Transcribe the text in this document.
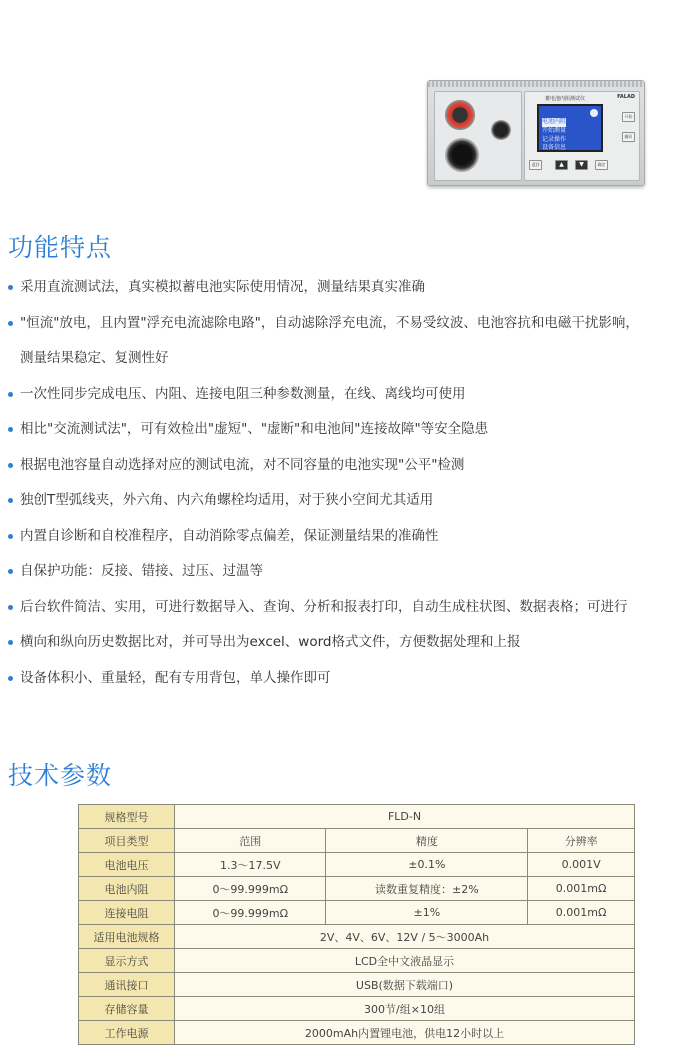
蓄电池内阻测试仪	FALAD
电池内阻
开始测量
记录操作
设备信息
开始
翻页
返回	▲	▼	确定
功能特点
采用直流测试法，真实模拟蓄电池实际使用情况，测量结果真实准确
"恒流"放电，且内置"浮充电流滤除电路"，自动滤除浮充电流，不易受纹波、电池容抗和电磁干扰影响，
测量结果稳定、复测性好
一次性同步完成电压、内阻、连接电阻三种参数测量，在线、离线均可使用
相比"交流测试法"，可有效检出"虚短"、"虚断"和电池间"连接故障"等安全隐患
根据电池容量自动选择对应的测试电流，对不同容量的电池实现"公平"检测
独创T型弧线夹，外六角、内六角螺栓均适用，对于狭小空间尤其适用
内置自诊断和自校准程序，自动消除零点偏差，保证测量结果的准确性
自保护功能：反接、错接、过压、过温等
后台软件简洁、实用，可进行数据导入、查询、分析和报表打印，自动生成柱状图、数据表格；可进行
横向和纵向历史数据比对，并可导出为excel、word格式文件，方便数据处理和上报
设备体积小、重量轻，配有专用背包，单人操作即可
技术参数
规格型号	FLD-N		
项目类型	范围	精度	分辨率
电池电压	1.3～17.5V	±0.1%	0.001V
电池内阻	0～99.999mΩ	读数重复精度：±2%	0.001mΩ
连接电阻	0～99.999mΩ	±1%	0.001mΩ
适用电池规格	2V、4V、6V、12V / 5～3000Ah		
显示方式	LCD全中文液晶显示		
通讯接口	USB(数据下载端口)		
存储容量	300节/组×10组		
工作电源	2000mAh内置锂电池，供电12小时以上		
